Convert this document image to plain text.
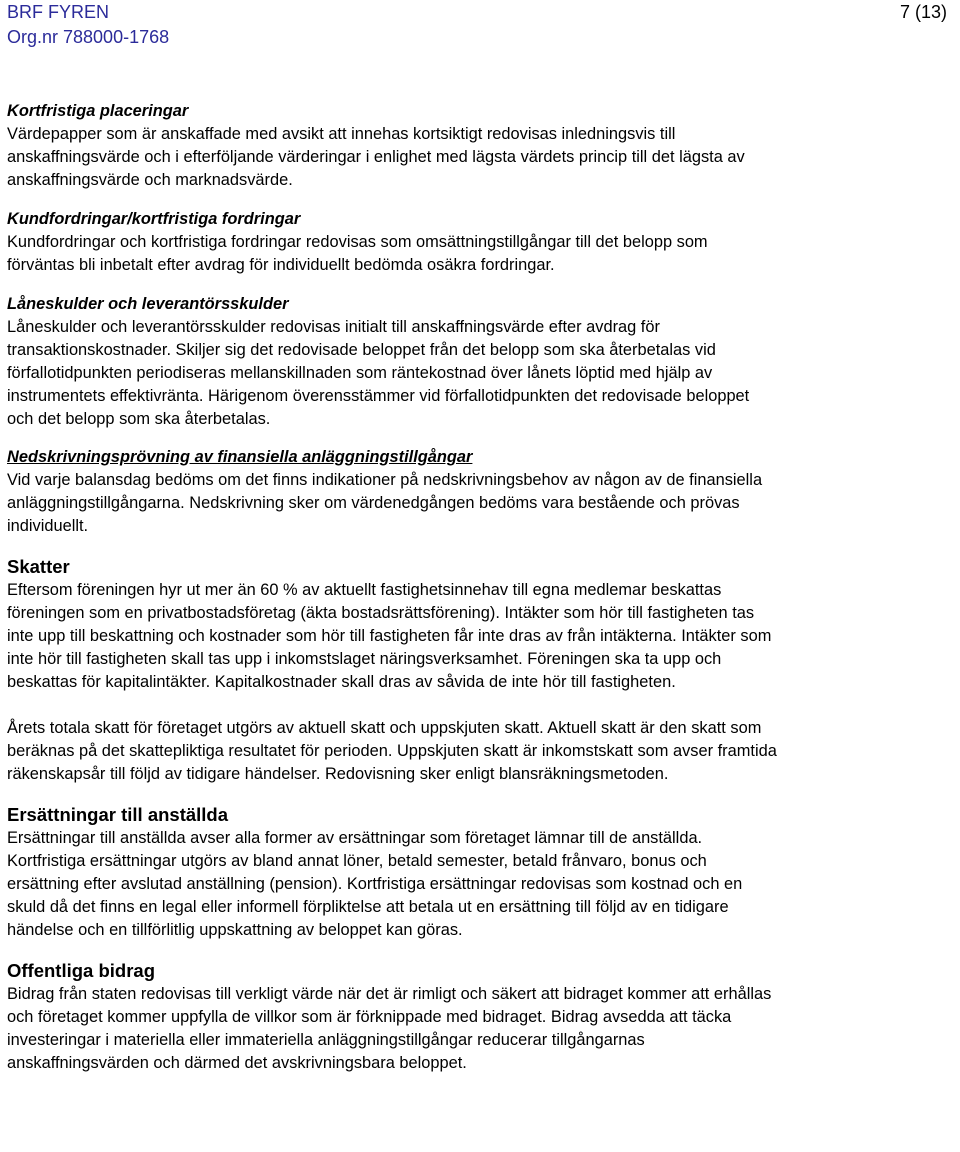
BRF FYREN
Org.nr 788000-1768
7 (13)
Kortfristiga placeringar

Värdepapper som är anskaffade med avsikt att innehas kortsiktigt redovisas inledningsvis till

anskaffningsvärde och i efterföljande värderingar i enlighet med lägsta värdets princip till det lägsta av

anskaffningsvärde och marknadsvärde.

Kundfordringar/kortfristiga fordringar

Kundfordringar och kortfristiga fordringar redovisas som omsättningstillgångar till det belopp som

förväntas bli inbetalt efter avdrag för individuellt bedömda osäkra fordringar.

Låneskulder och leverantörsskulder

Låneskulder och leverantörsskulder redovisas initialt till anskaffningsvärde efter avdrag för

transaktionskostnader. Skiljer sig det redovisade beloppet från det belopp som ska återbetalas vid

förfallotidpunkten periodiseras mellanskillnaden som räntekostnad över lånets löptid med hjälp av

instrumentets effektivränta. Härigenom överensstämmer vid förfallotidpunkten det redovisade beloppet

och det belopp som ska återbetalas.

Nedskrivningsprövning av finansiella anläggningstillgångar

Vid varje balansdag bedöms om det finns indikationer på nedskrivningsbehov av någon av de finansiella

anläggningstillgångarna. Nedskrivning sker om värdenedgången bedöms vara bestående och prövas

individuellt.

Skatter

Eftersom föreningen hyr ut mer än 60 % av aktuellt fastighetsinnehav till egna medlemar beskattas

föreningen som en privatbostadsföretag (äkta bostadsrättsförening). Intäkter som hör till fastigheten tas

inte upp till beskattning och kostnader som hör till fastigheten får inte dras av från intäkterna. Intäkter som

inte hör till fastigheten skall tas upp i inkomstslaget näringsverksamhet. Föreningen ska ta upp och

beskattas för kapitalintäkter. Kapitalkostnader skall dras av såvida de inte hör till fastigheten.

Årets totala skatt för företaget utgörs av aktuell skatt och uppskjuten skatt. Aktuell skatt är den skatt som

beräknas på det skattepliktiga resultatet för perioden. Uppskjuten skatt är inkomstskatt som avser framtida

räkenskapsår till följd av tidigare händelser. Redovisning sker enligt blansräkningsmetoden.

Ersättningar till anställda

Ersättningar till anställda avser alla former av ersättningar som företaget lämnar till de anställda.

Kortfristiga ersättningar utgörs av bland annat löner, betald semester, betald frånvaro, bonus och

ersättning efter avslutad anställning (pension). Kortfristiga ersättningar redovisas som kostnad och en

skuld då det finns en legal eller informell förpliktelse att betala ut en ersättning till följd av en tidigare

händelse och en tillförlitlig uppskattning av beloppet kan göras.

Offentliga bidrag

Bidrag från staten redovisas till verkligt värde när det är rimligt och säkert att bidraget kommer att erhållas

och företaget kommer uppfylla de villkor som är förknippade med bidraget. Bidrag avsedda att täcka

investeringar i materiella eller immateriella anläggningstillgångar reducerar tillgångarnas

anskaffningsvärden och därmed det avskrivningsbara beloppet.
